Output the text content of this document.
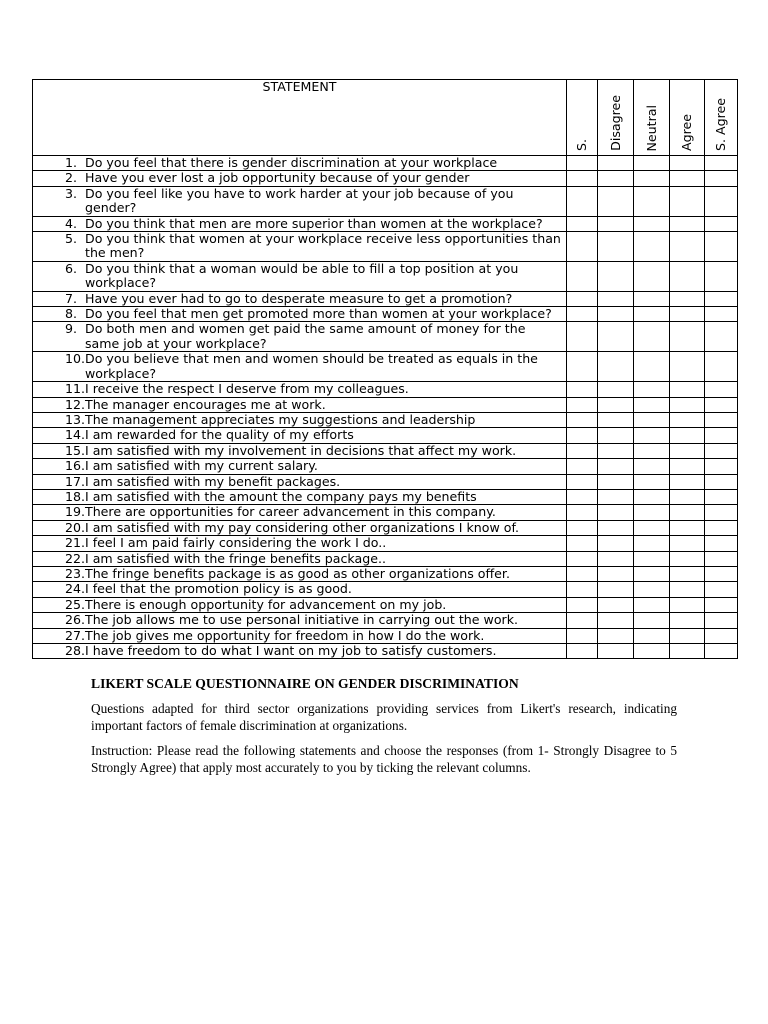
STATEMENT	S.	Disagree	Neutral	Agree	S. Agree

1. Do you feel that there is gender discrimination at your workplace					

2. Have you ever lost a job opportunity because of your gender					

3. Do you feel like you have to work harder at your job because of you gender?					

4. Do you think that men are more superior than women at the workplace?					

5. Do you think that women at your workplace receive less opportunities than the men?					

6. Do you think that a woman would be able to fill a top position at you workplace?					

7. Have you ever had to go to desperate measure to get a promotion?					

8. Do you feel that men get promoted more than women at your workplace?					

9. Do both men and women get paid the same amount of money for the same job at your workplace?					

10. Do you believe that men and women should be treated as equals in the workplace?					

11. I receive the respect I deserve from my colleagues.					

12. The manager encourages me at work.					

13. The management appreciates my suggestions and leadership					

14. I am rewarded for the quality of my efforts					

15. I am satisfied with my involvement in decisions that affect my work.					

16. I am satisfied with my current salary.					

17. I am satisfied with my benefit packages.					

18. I am satisfied with the amount the company pays my benefits					

19. There are opportunities for career advancement in this company.					

20. I am satisfied with my pay considering other organizations I know of.					

21. I feel I am paid fairly considering the work I do..					

22. I am satisfied with the fringe benefits package..					

23. The fringe benefits package is as good as other organizations offer.					

24. I feel that the promotion policy is as good.					

25. There is enough opportunity for advancement on my job.					

26. The job allows me to use personal initiative in carrying out the work.					

27. The job gives me opportunity for freedom in how I do the work.					

28. I have freedom to do what I want on my job to satisfy customers.					

LIKERT SCALE QUESTIONNAIRE ON GENDER DISCRIMINATION

Questions adapted for third sector organizations providing services from Likert's research, indicating important factors of female discrimination at organizations.

Instruction: Please read the following statements and choose the responses (from 1- Strongly Disagree to 5 Strongly Agree) that apply most accurately to you by ticking the relevant columns.
